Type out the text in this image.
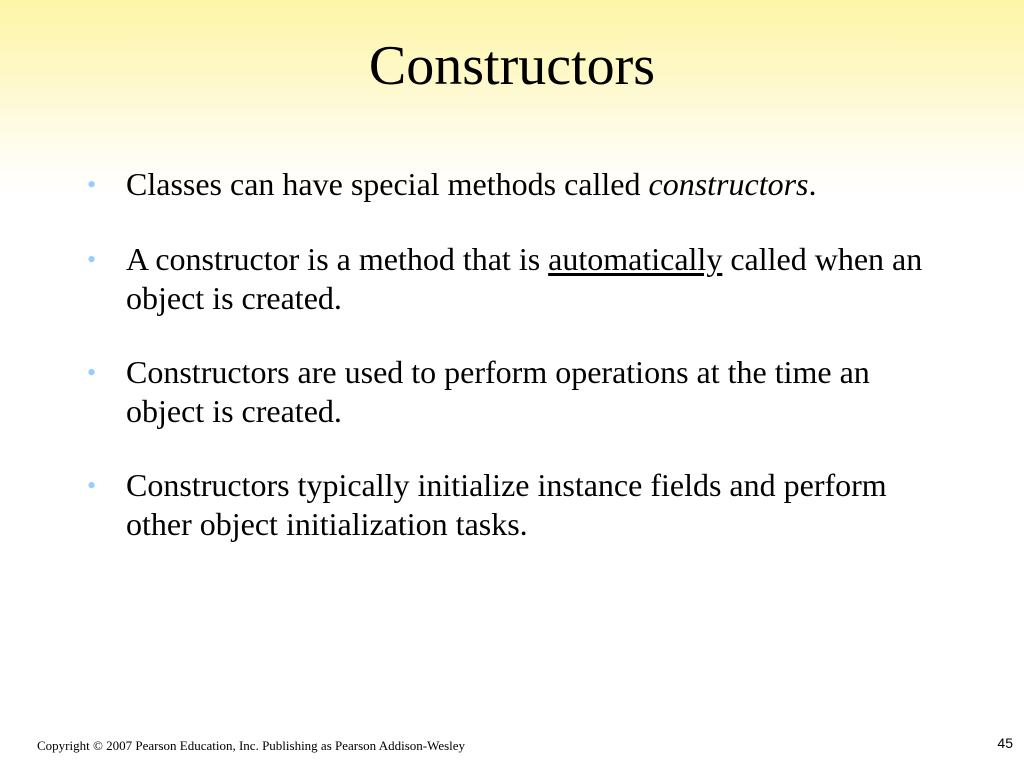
Constructors
• Classes can have special methods called constructors.
• A constructor is a method that is automatically called when an object is created.
• Constructors are used to perform operations at the time an object is created.
• Constructors typically initialize instance fields and perform other object initialization tasks.
Copyright © 2007 Pearson Education, Inc. Publishing as Pearson Addison-Wesley	45
